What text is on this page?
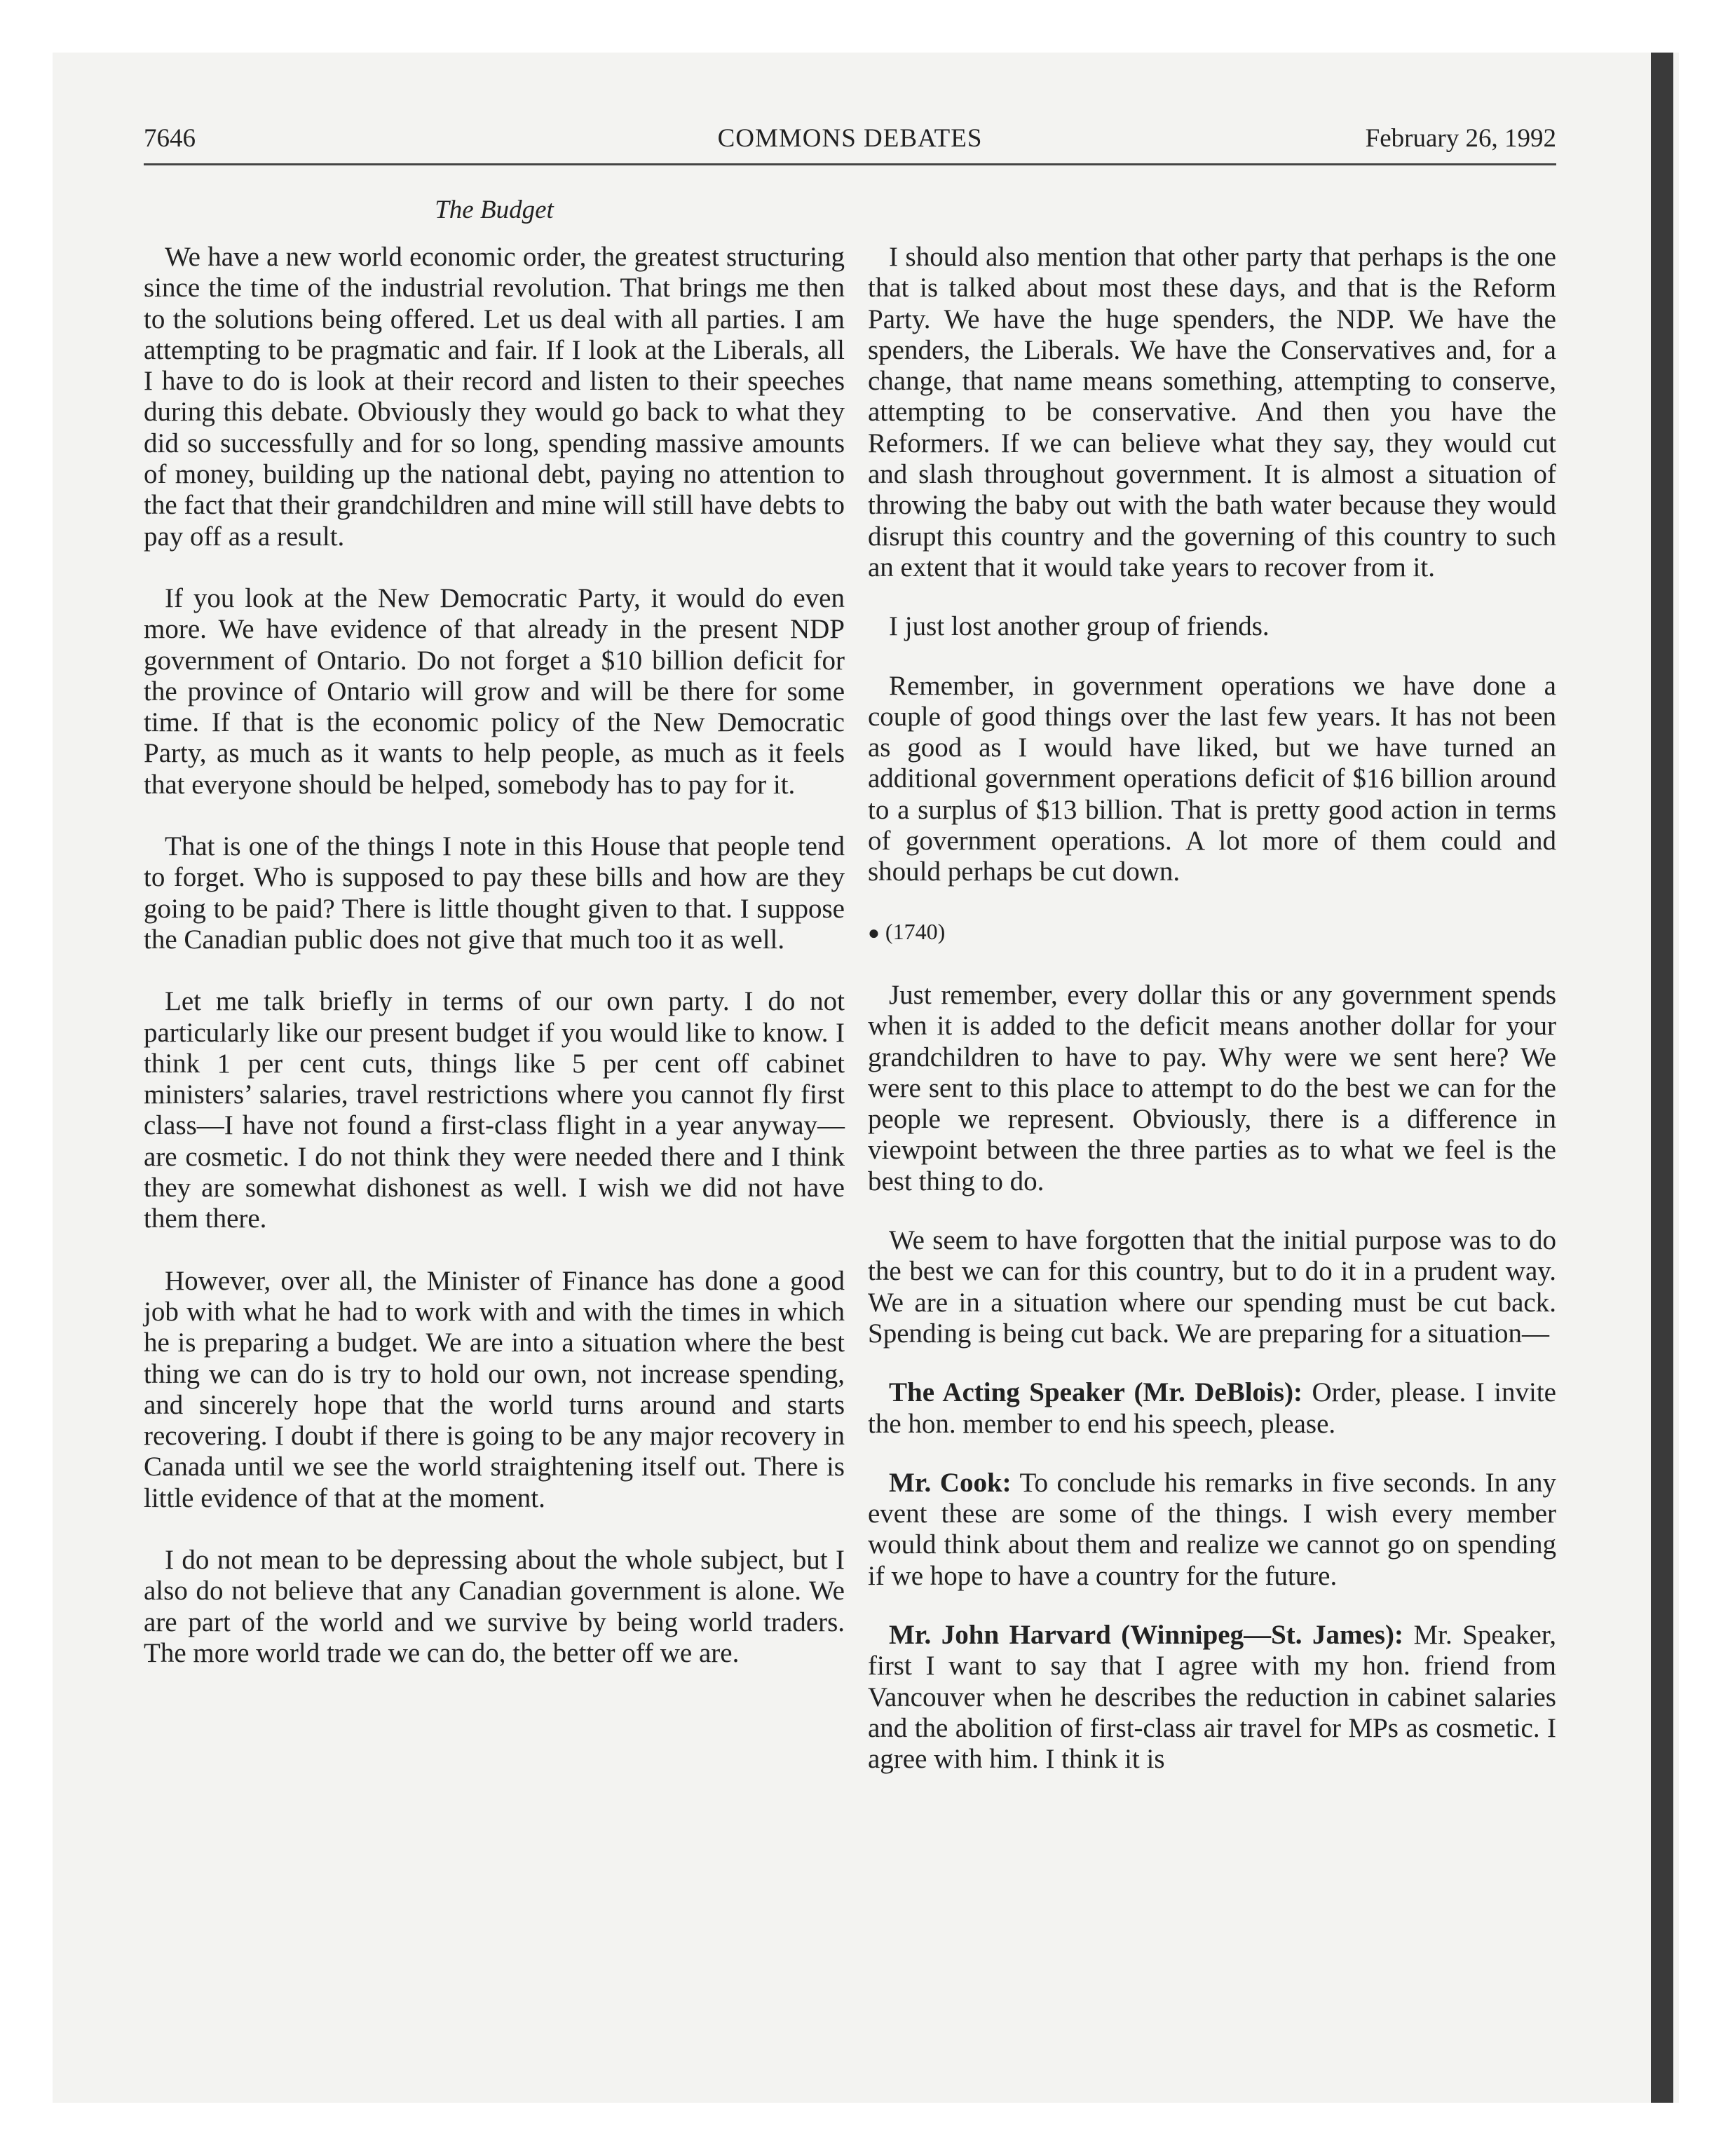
7646	COMMONS DEBATES	February 26, 1992
The Budget

We have a new world economic order, the greatest structuring since the time of the industrial revolution. That brings me then to the solutions being offered. Let us deal with all parties. I am attempting to be pragmatic and fair. If I look at the Liberals, all I have to do is look at their record and listen to their speeches during this debate. Obviously they would go back to what they did so successfully and for so long, spending massive amounts of money, building up the national debt, paying no attention to the fact that their grandchildren and mine will still have debts to pay off as a result.

If you look at the New Democratic Party, it would do even more. We have evidence of that already in the present NDP government of Ontario. Do not forget a $10 billion deficit for the province of Ontario will grow and will be there for some time. If that is the economic policy of the New Democratic Party, as much as it wants to help people, as much as it feels that everyone should be helped, somebody has to pay for it.

That is one of the things I note in this House that people tend to forget. Who is supposed to pay these bills and how are they going to be paid? There is little thought given to that. I suppose the Canadian public does not give that much too it as well.

Let me talk briefly in terms of our own party. I do not particularly like our present budget if you would like to know. I think 1 per cent cuts, things like 5 per cent off cabinet ministers’ salaries, travel restrictions where you cannot fly first class—I have not found a first-class flight in a year anyway—are cosmetic. I do not think they were needed there and I think they are somewhat dishonest as well. I wish we did not have them there.

However, over all, the Minister of Finance has done a good job with what he had to work with and with the times in which he is preparing a budget. We are into a situation where the best thing we can do is try to hold our own, not increase spending, and sincerely hope that the world turns around and starts recovering. I doubt if there is going to be any major recovery in Canada until we see the world straightening itself out. There is little evidence of that at the moment.

I do not mean to be depressing about the whole subject, but I also do not believe that any Canadian government is alone. We are part of the world and we survive by being world traders. The more world trade we can do, the better off we are.

I should also mention that other party that perhaps is the one that is talked about most these days, and that is the Reform Party. We have the huge spenders, the NDP. We have the spenders, the Liberals. We have the Conservatives and, for a change, that name means something, attempting to conserve, attempting to be conservative. And then you have the Reformers. If we can believe what they say, they would cut and slash throughout government. It is almost a situation of throwing the baby out with the bath water because they would disrupt this country and the governing of this country to such an extent that it would take years to recover from it.

I just lost another group of friends.

Remember, in government operations we have done a couple of good things over the last few years. It has not been as good as I would have liked, but we have turned an additional government operations deficit of $16 billion around to a surplus of $13 billion. That is pretty good action in terms of government operations. A lot more of them could and should perhaps be cut down.

● (1740)

Just remember, every dollar this or any government spends when it is added to the deficit means another dollar for your grandchildren to have to pay. Why were we sent here? We were sent to this place to attempt to do the best we can for the people we represent. Obviously, there is a difference in viewpoint between the three parties as to what we feel is the best thing to do.

We seem to have forgotten that the initial purpose was to do the best we can for this country, but to do it in a prudent way. We are in a situation where our spending must be cut back. Spending is being cut back. We are preparing for a situation—

The Acting Speaker (Mr. DeBlois): Order, please. I invite the hon. member to end his speech, please.

Mr. Cook: To conclude his remarks in five seconds. In any event these are some of the things. I wish every member would think about them and realize we cannot go on spending if we hope to have a country for the future.

Mr. John Harvard (Winnipeg—St. James): Mr. Speaker, first I want to say that I agree with my hon. friend from Vancouver when he describes the reduction in cabinet salaries and the abolition of first-class air travel for MPs as cosmetic. I agree with him. I think it is
